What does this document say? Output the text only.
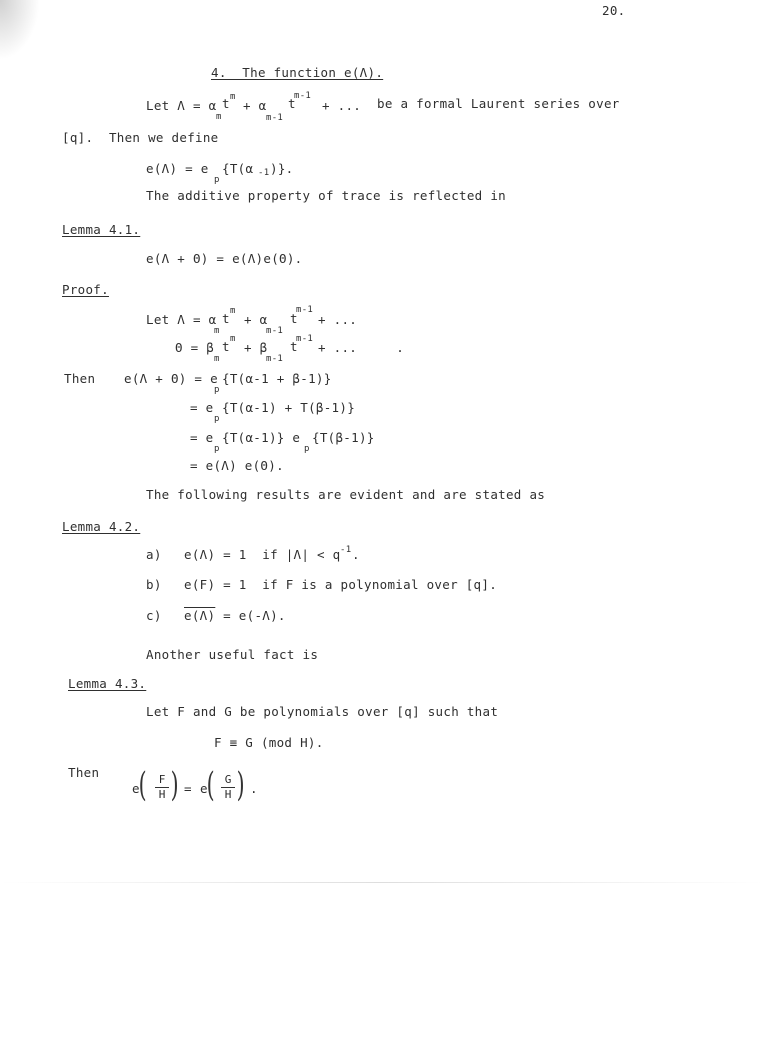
20.
4.  The function e(Λ).
Let Λ = α
m
t m
+ α
m-1
t
m-1
+ ... be a formal Laurent series over
[q].  Then we define
e(Λ) = e
p
{T(α -1 )}.
The additive property of trace is reflected in
Lemma 4.1.
e(Λ + Θ) = e(Λ)e(Θ).
Proof.
Let Λ = α
m
t m
+ α
m-1
t
m-1
+ ...
Θ = β
m
t m
+ β
m-1
t
m-1
+ ...     .
Then e(Λ + Θ) = e
p
{T(α-1 + β-1)}
= e
p
{T(α-1) + T(β-1)}
= e
p
{T(α-1)} e
p
{T(β-1)}
= e(Λ) e(Θ).
The following results are evident and are stated as
Lemma 4.2.
a) e(Λ) = 1  if |Λ| < q -1 .
b) e(F) = 1  if F is a polynomial over [q].
c) e(Λ) = e(-Λ).
Another useful fact is
Lemma 4.3.
Let F and G be polynomials over [q] such that
F ≡ G (mod H).
Then
e
(	F
H ) = e
( G
H ) .
